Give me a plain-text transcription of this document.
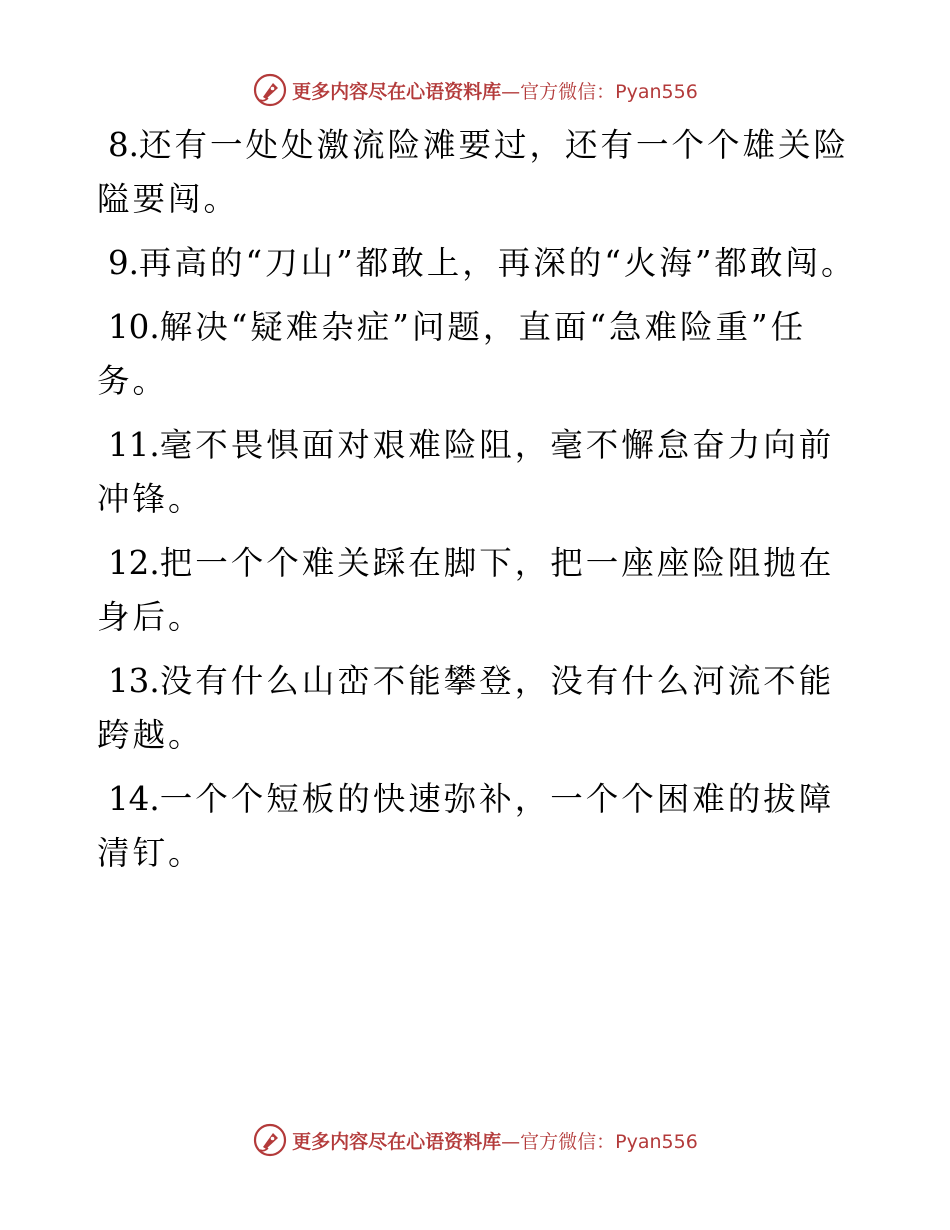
更多内容尽在心语资料库—官方微信：Pyan556

8.还有一处处激流险滩要过，还有一个个雄关险隘要闯。

9.再高的“刀山”都敢上，再深的“火海”都敢闯。

10.解决“疑难杂症”问题，直面“急难险重”任务。

11.毫不畏惧面对艰难险阻，毫不懈怠奋力向前冲锋。

12.把一个个难关踩在脚下，把一座座险阻抛在身后。

13.没有什么山峦不能攀登，没有什么河流不能跨越。

14.一个个短板的快速弥补，一个个困难的拔障清钉。

更多内容尽在心语资料库—官方微信：Pyan556
